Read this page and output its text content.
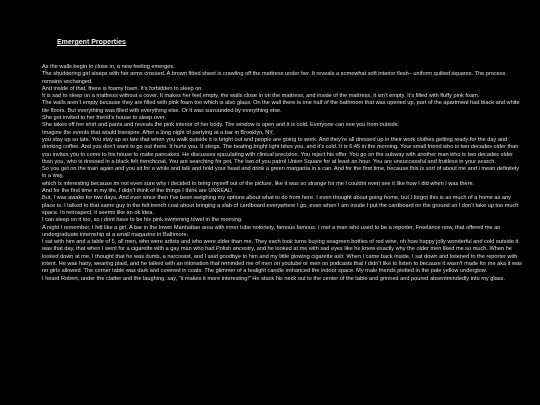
Emergent Properties

As the walls begin to close in, a new feeling emerges.

The shuddering girl sleeps with her arms crossed. A brown fitted sheet is crawling off the mattress under her. It reveals a somewhat soft interior flesh– uniform quilted squares. The process remains unchanged.

And inside of that, there is foamy foam. It’s forbidden to sleep on.

It is sad to sleep on a mattress without a cover. It makes her feel empty, the walls close in on the mattress, and inside of the mattress, it isn’t empty. It’s filled with fluffy pink foam.

The walls aren’t empty because they are filled with pink foam too which is also glass. On the wall there is one half of the bathroom that was opened up, part of the apartment had black and white tile floors. But everything was filled with everything else. Or it was surrounded by everything else.

She got invited to her friend’s house to sleep over.

She takes off her shirt and pants and reveals the pink interior of her body. The window is open and it is cold. Everyone can see you from outside.

Imagine the events that would transpire. After a long night of partying at a bar in Brooklyn, NY,

you stay up so late. You stay up so late that when you walk outside it is bright out and people are going to work. And they’re all dressed up in their work clothes getting ready for the day and drinking coffee. And you don’t want to go out there. It hurts you. It stings. The beating bright light bites you, and it’s cold. It is 6:45 in the morning. Your small friend who is two decades older than you invites you to come to his house to make pancakes. He discusses ejaculating with clinical precision. You reject his offer. You go on the subway with another man who is two decades older than you, who is dressed in a black felt trenchcoat. You are searching for pot. The two of you patrol Union Square for at least an hour. You are unsuccessful and fruitless in your search.

So you get on the train again and you sit for a while and talk and hold your head and drink a green margarita in a can. And for the first time, because this is sort of about me and i mean definitely in a way,

which is interesting because im not even sure why i decided to bring myself out of the picture, like it was so strange for me i couldnt even see it like how I did when I was there.

And for the first time in my life, I didn’t think of the things I think are UNREAL!

But, I was awake for two days. And ever since then I’ve been weighing my options about what to do from here. I even thought about going home, but I forgot this is as much of a home as any place is. I talked to that same guy in the felt trench coat about bringing a slab of cardboard everywhere I go, even when I am inside I put the cardboard on the ground so I don’t take up too much space. In retrospect, it seems like an ok idea.

I can sleep on it too, so i dont have to be his pink swimming towel in the morning.

A night I remember, I felt like a girl. A bar in the lower Manhattan area with inner tube notoriety, famous famous. I met a man who used to be a reporter, Freelance now, that offered me an undergraduate internship at a small magazine in Baltimore.

I sat with him and a table of 5, all men, who were artists and who were older than me. They each took turns buying seagreen bottles of red wine, oh how happy jolly wonderful and cold outside it was that day, that when I went for a cigarette with a gay man who had Polish ancestry, and he looked at me with sad eyes like he knew exactly why the older men liked me so much. When he looked down at me, I thought that he was dumb, a narcissist, and I said goodbye to him and my little glowing cigarette ash. When I came back inside, I sat down and listened to the reporter with intent. He was hairy, wearing plaid, and he talked with an intonation that reminded me of men on youtube or men on podcasts that I didn’t like to listen to because it wasn’t made for me aka it was no girls allowed. The corner table was dark and covered in coats. The glimmer of a tealight candle enhanced the indoor space. My male friends plotted in the pale yellow underglow.

I heard Robert, under the clatter and the laughing, say, “it makes it more interesting!” He stuck his neck out to the center of the table and grinned and poured absentmindedly into my glass.
